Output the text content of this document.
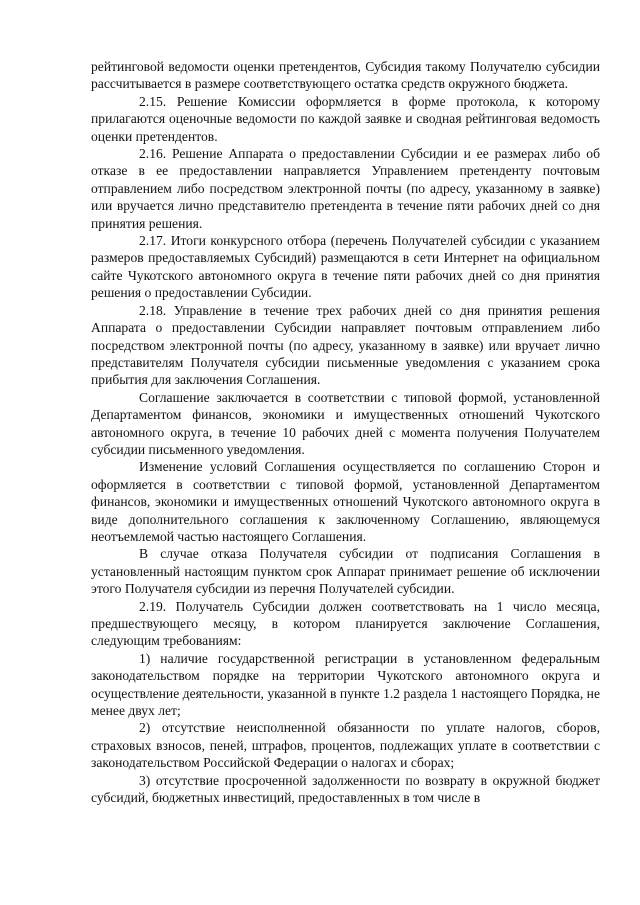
рейтинговой ведомости оценки претендентов, Субсидия такому Получателю субсидии рассчитывается в размере соответствующего остатка средств окружного бюджета.

2.15. Решение Комиссии оформляется в форме протокола, к которому прилагаются оценочные ведомости по каждой заявке и сводная рейтинговая ведомость оценки претендентов.

2.16. Решение Аппарата о предоставлении Субсидии и ее размерах либо об отказе в ее предоставлении направляется Управлением претенденту почтовым отправлением либо посредством электронной почты (по адресу, указанному в заявке) или вручается лично представителю претендента в течение пяти рабочих дней со дня принятия решения.

2.17. Итоги конкурсного отбора (перечень Получателей субсидии с указанием размеров предоставляемых Субсидий) размещаются в сети Интернет на официальном сайте Чукотского автономного округа в течение пяти рабочих дней со дня принятия решения о предоставлении Субсидии.

2.18. Управление в течение трех рабочих дней со дня принятия решения Аппарата о предоставлении Субсидии направляет почтовым отправлением либо посредством электронной почты (по адресу, указанному в заявке) или вручает лично представителям Получателя субсидии письменные уведомления с указанием срока прибытия для заключения Соглашения.

Соглашение заключается в соответствии с типовой формой, установленной Департаментом финансов, экономики и имущественных отношений Чукотского автономного округа, в течение 10 рабочих дней с момента получения Получателем субсидии письменного уведомления.

Изменение условий Соглашения осуществляется по соглашению Сторон и оформляется в соответствии с типовой формой, установленной Департаментом финансов, экономики и имущественных отношений Чукотского автономного округа в виде дополнительного соглашения к заключенному Соглашению, являющемуся неотъемлемой частью настоящего Соглашения.

В случае отказа Получателя субсидии от подписания Соглашения в установленный настоящим пунктом срок Аппарат принимает решение об исключении этого Получателя субсидии из перечня Получателей субсидии.

2.19. Получатель Субсидии должен соответствовать на 1 число месяца, предшествующего месяцу, в котором планируется заключение Соглашения, следующим требованиям:

1) наличие государственной регистрации в установленном федеральным законодательством порядке на территории Чукотского автономного округа и осуществление деятельности, указанной в пункте 1.2 раздела 1 настоящего Порядка, не менее двух лет;

2) отсутствие неисполненной обязанности по уплате налогов, сборов, страховых взносов, пеней, штрафов, процентов, подлежащих уплате в соответствии с законодательством Российской Федерации о налогах и сборах;

3) отсутствие просроченной задолженности по возврату в окружной бюджет субсидий, бюджетных инвестиций, предоставленных в том числе в
